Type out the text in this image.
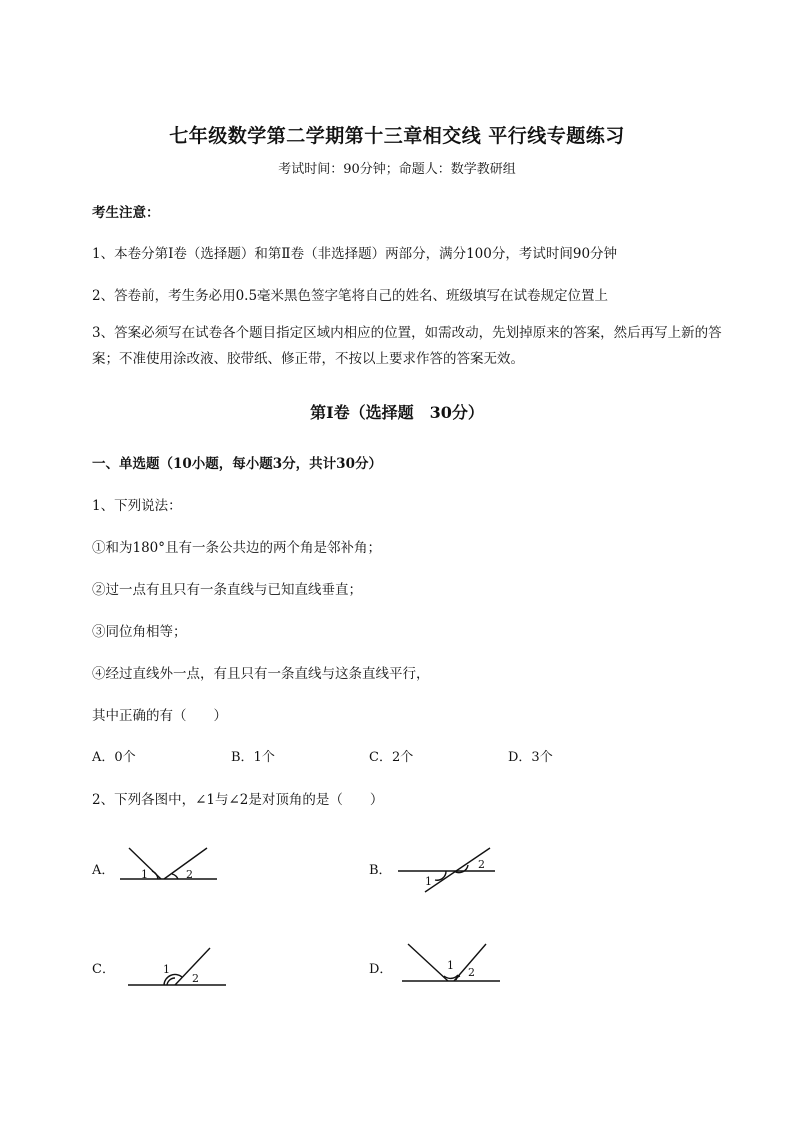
七年级数学第二学期第十三章相交线 平行线专题练习
考试时间：90分钟；命题人：数学教研组
考生注意：
1、本卷分第Ⅰ卷（选择题）和第Ⅱ卷（非选择题）两部分，满分100分，考试时间90分钟
2、答卷前，考生务必用0.5毫米黑色签字笔将自己的姓名、班级填写在试卷规定位置上
3、答案必须写在试卷各个题目指定区域内相应的位置，如需改动，先划掉原来的答案，然后再写上新的答案；不准使用涂改液、胶带纸、修正带，不按以上要求作答的答案无效。
第Ⅰ卷（选择题　30分）
一、单选题（10小题，每小题3分，共计30分）
1、下列说法：
①和为180°且有一条公共边的两个角是邻补角；
②过一点有且只有一条直线与已知直线垂直；
③同位角相等；
④经过直线外一点，有且只有一条直线与这条直线平行，
其中正确的有（　　）
A．0个	B．1个	C．2个	D．3个
2、下列各图中，∠1与∠2是对顶角的是（　　）
A． 1	2	B．	2
1
C．	1
2
D．	1
2
